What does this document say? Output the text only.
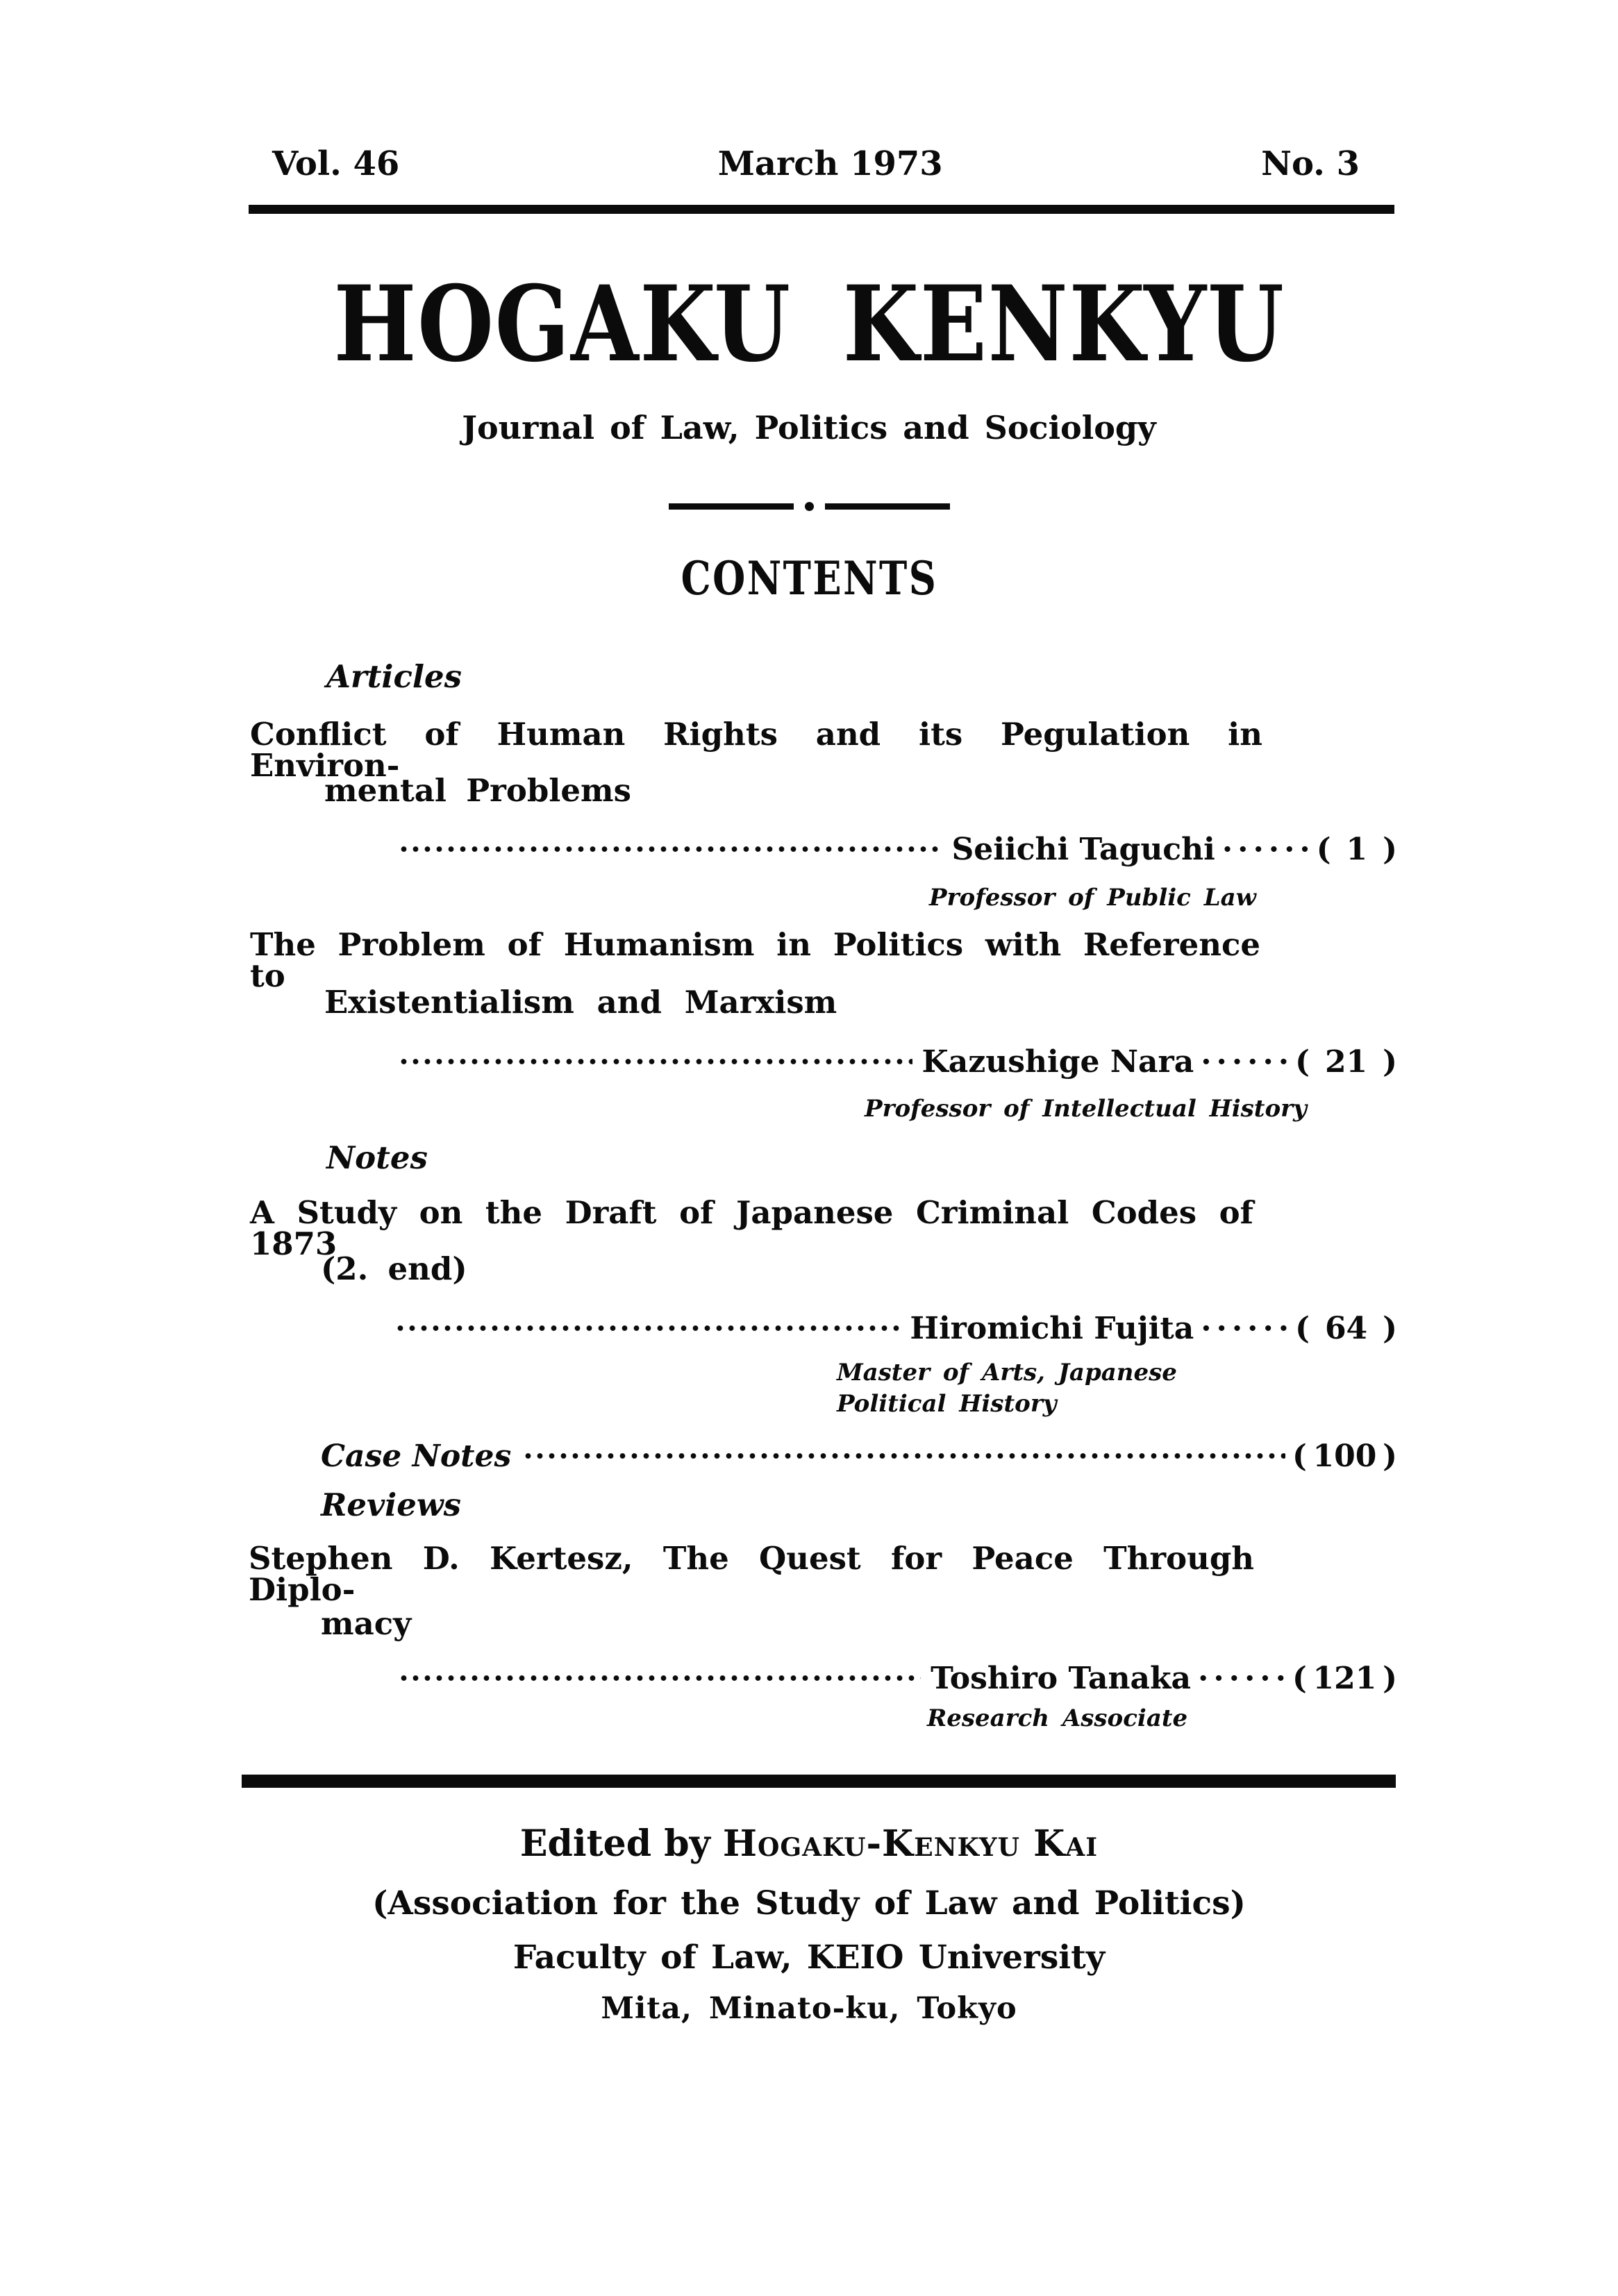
Vol. 46	March 1973	No. 3
HOGAKU KENKYU
Journal of Law, Politics and Sociology
CONTENTS
Articles
Conflict of Human Rights and its Pegulation in Environ-
mental Problems
Seiichi Taguchi ······ ( 1 )
Professor of Public Law
The Problem of Humanism in Politics with Reference to
Existentialism and Marxism
Kazushige Nara ······ ( 21 )
Professor of Intellectual History
Notes
A Study on the Draft of Japanese Criminal Codes of 1873
(2. end)
Hiromichi Fujita ······ ( 64 )
Master of Arts, Japanese
Political History
Case Notes	( 100 )
Reviews
Stephen D. Kertesz, The Quest for Peace Through Diplo-
macy
Toshiro Tanaka ······ ( 121 )
Research Associate
Edited by Hogaku-Kenkyu Kai
(Association for the Study of Law and Politics)
Faculty of Law, KEIO University
Mita, Minato-ku, Tokyo
